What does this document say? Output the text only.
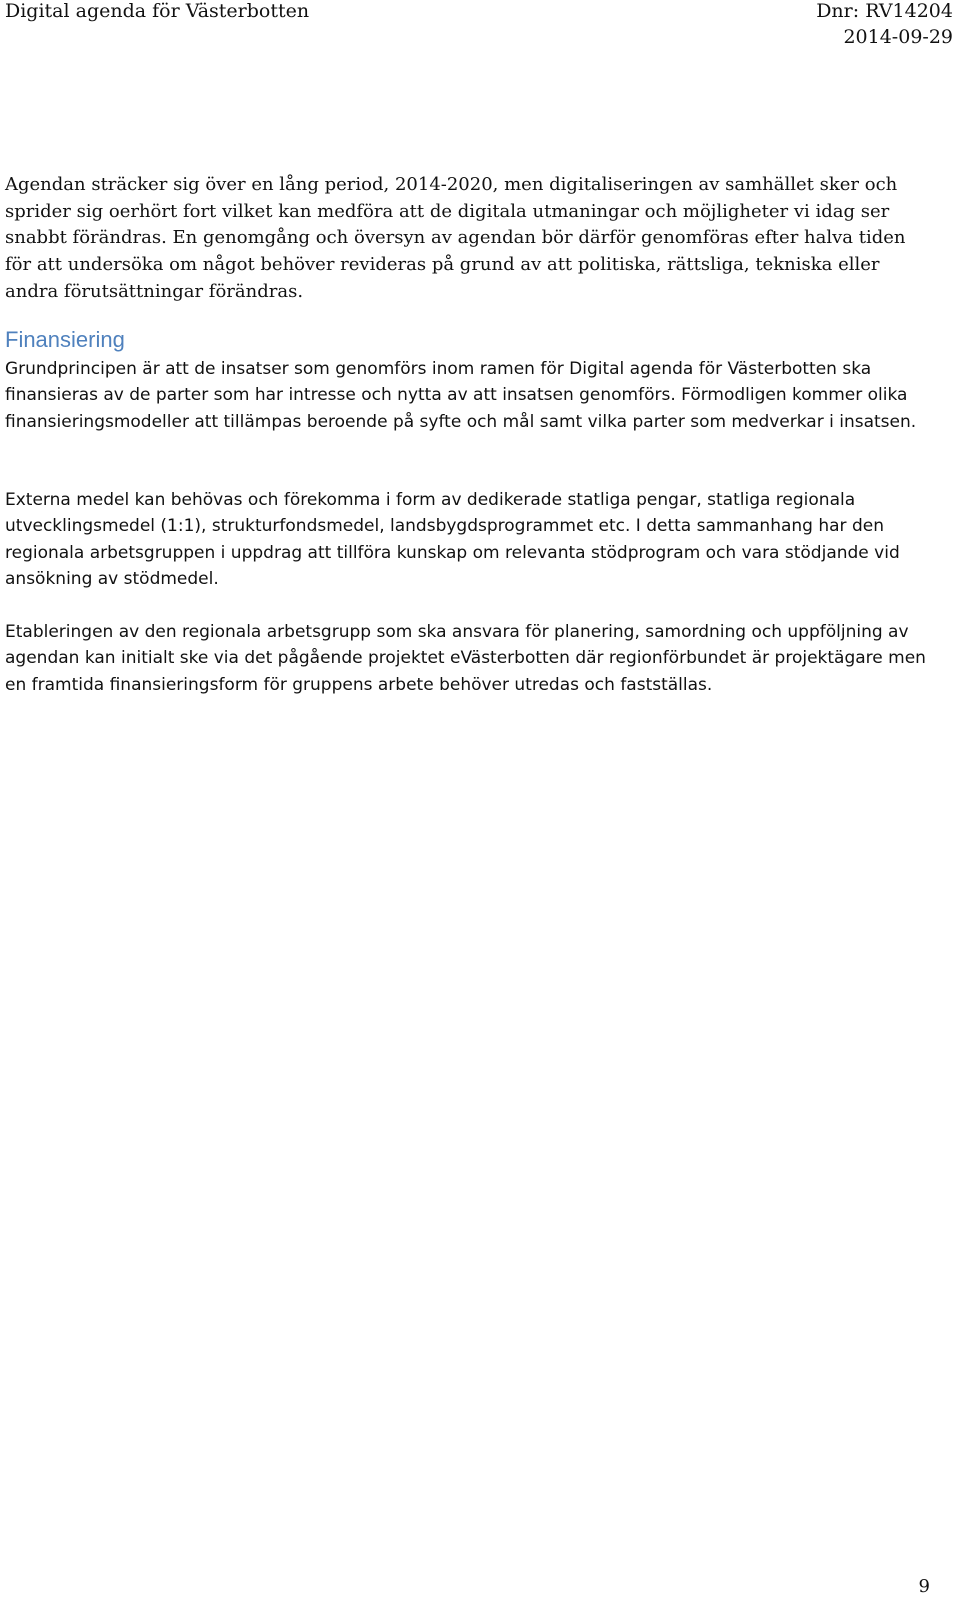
Digital agenda för Västerbotten	Dnr: RV14204
2014-09-29

Agendan sträcker sig över en lång period, 2014-2020, men digitaliseringen av samhället sker och sprider sig oerhört fort vilket kan medföra att de digitala utmaningar och möjligheter vi idag ser snabbt förändras. En genomgång och översyn av agendan bör därför genomföras efter halva tiden för att undersöka om något behöver revideras på grund av att politiska, rättsliga, tekniska eller andra förutsättningar förändras.

Finansiering

Grundprincipen är att de insatser som genomförs inom ramen för Digital agenda för Västerbotten ska finansieras av de parter som har intresse och nytta av att insatsen genomförs. Förmodligen kommer olika finansieringsmodeller att tillämpas beroende på syfte och mål samt vilka parter som medverkar i insatsen.

Externa medel kan behövas och förekomma i form av dedikerade statliga pengar, statliga regionala utvecklingsmedel (1:1), strukturfondsmedel, landsbygdsprogrammet etc. I detta sammanhang har den regionala arbetsgruppen i uppdrag att tillföra kunskap om relevanta stödprogram och vara stödjande vid ansökning av stödmedel.

Etableringen av den regionala arbetsgrupp som ska ansvara för planering, samordning och uppföljning av agendan kan initialt ske via det pågående projektet eVästerbotten där regionförbundet är projektägare men en framtida finansieringsform för gruppens arbete behöver utredas och fastställas.

9
